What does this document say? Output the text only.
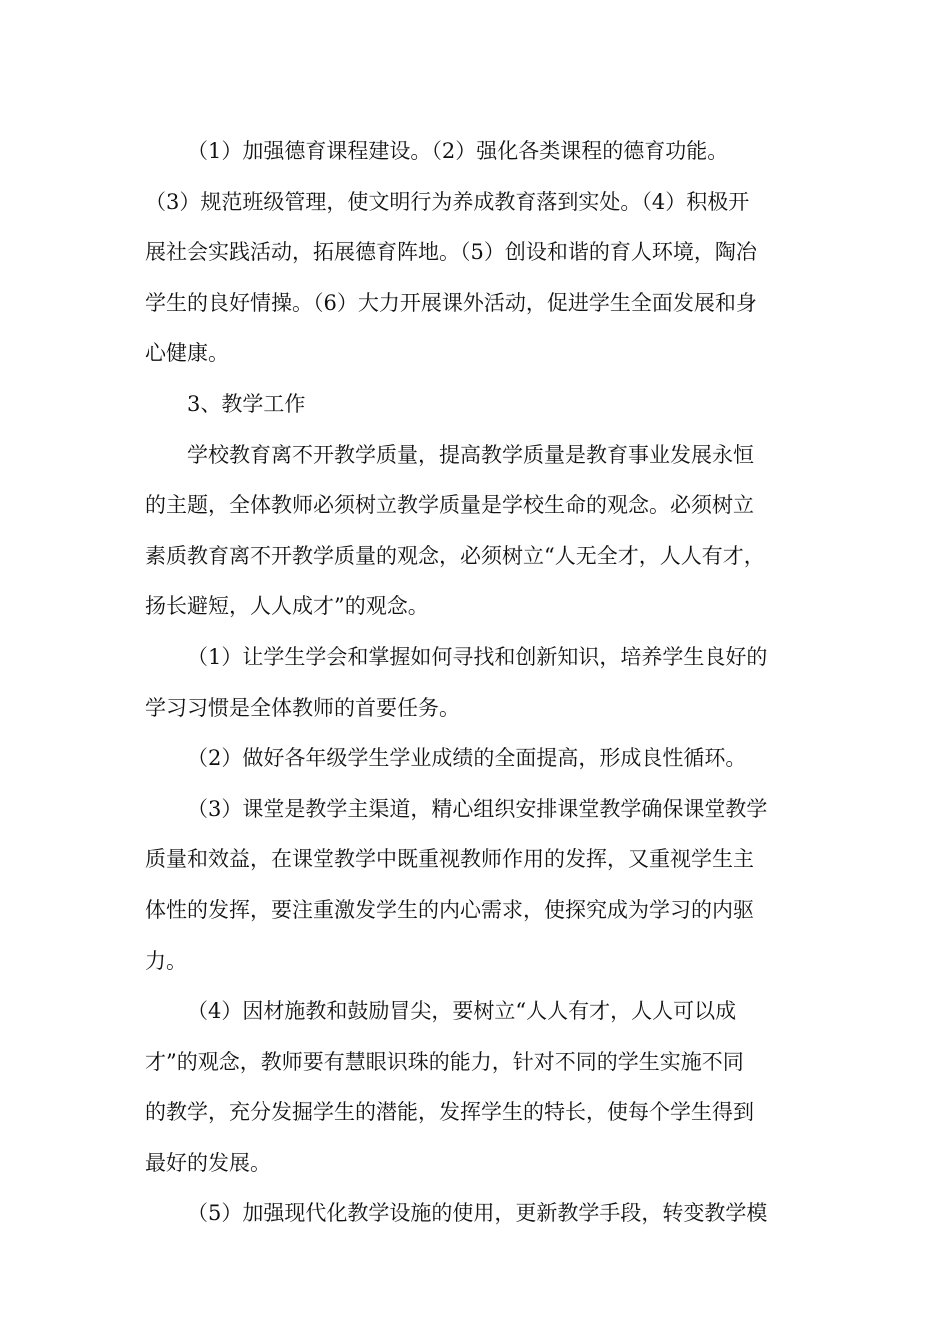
（1）加强德育课程建设。（2）强化各类课程的德育功能。
（3）规范班级管理，使文明行为养成教育落到实处。（4）积极开
展社会实践活动，拓展德育阵地。（5）创设和谐的育人环境，陶冶
学生的良好情操。（6）大力开展课外活动，促进学生全面发展和身
心健康。
3、教学工作
学校教育离不开教学质量，提高教学质量是教育事业发展永恒
的主题，全体教师必须树立教学质量是学校生命的观念。必须树立
素质教育离不开教学质量的观念，必须树立“人无全才，人人有才，
扬长避短，人人成才”的观念。
（1）让学生学会和掌握如何寻找和创新知识，培养学生良好的
学习习惯是全体教师的首要任务。
（2）做好各年级学生学业成绩的全面提高，形成良性循环。
（3）课堂是教学主渠道，精心组织安排课堂教学确保课堂教学
质量和效益，在课堂教学中既重视教师作用的发挥，又重视学生主
体性的发挥，要注重激发学生的内心需求，使探究成为学习的内驱
力。
（4）因材施教和鼓励冒尖，要树立“人人有才，人人可以成
才”的观念，教师要有慧眼识珠的能力，针对不同的学生实施不同
的教学，充分发掘学生的潜能，发挥学生的特长，使每个学生得到
最好的发展。
（5）加强现代化教学设施的使用，更新教学手段，转变教学模
